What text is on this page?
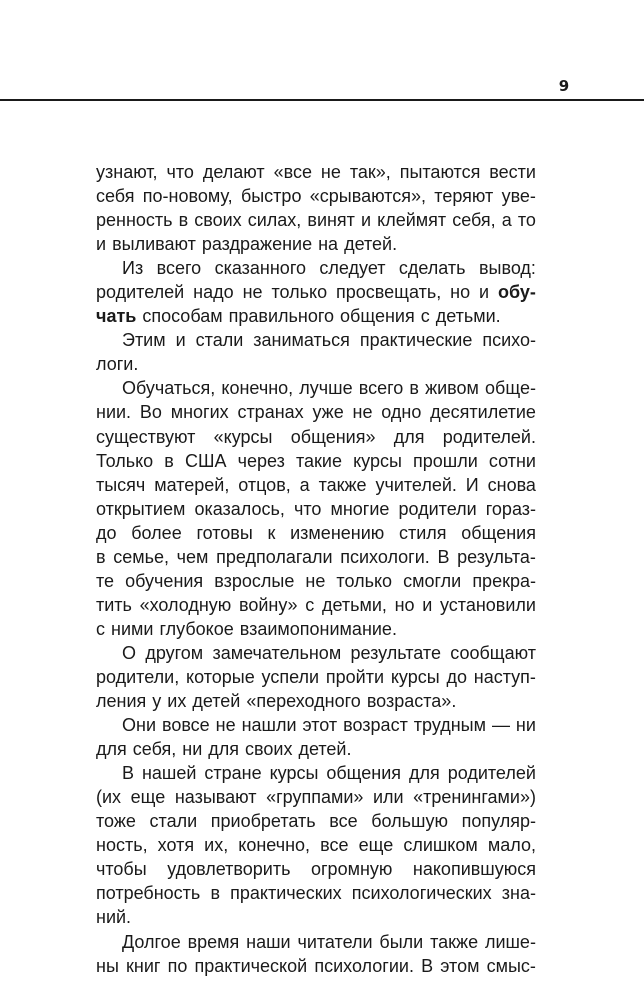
9
узнают, что делают «все не так», пытаются вести
себя по-новому, быстро «срываются», теряют уве-
ренность в своих силах, винят и клеймят себя, а то
и выливают раздражение на детей.
Из всего сказанного следует сделать вывод:
родителей надо не только просвещать, но и обу-
чать способам правильного общения с детьми.
Этим и стали заниматься практические психо-
логи.
Обучаться, конечно, лучше всего в живом обще-
нии. Во многих странах уже не одно десятилетие
существуют «курсы общения» для родителей.
Только в США через такие курсы прошли сотни
тысяч матерей, отцов, а также учителей. И снова
открытием оказалось, что многие родители гораз-
до более готовы к изменению стиля общения
в семье, чем предполагали психологи. В результа-
те обучения взрослые не только смогли прекра-
тить «холодную войну» с детьми, но и установили
с ними глубокое взаимопонимание.
О другом замечательном результате сообщают
родители, которые успели пройти курсы до наступ-
ления у их детей «переходного возраста».
Они вовсе не нашли этот возраст трудным — ни
для себя, ни для своих детей.
В нашей стране курсы общения для родителей
(их еще называют «группами» или «тренингами»)
тоже стали приобретать все большую популяр-
ность, хотя их, конечно, все еще слишком мало,
чтобы удовлетворить огромную накопившуюся
потребность в практических психологических зна-
ний.
Долгое время наши читатели были также лише-
ны книг по практической психологии. В этом смыс-
